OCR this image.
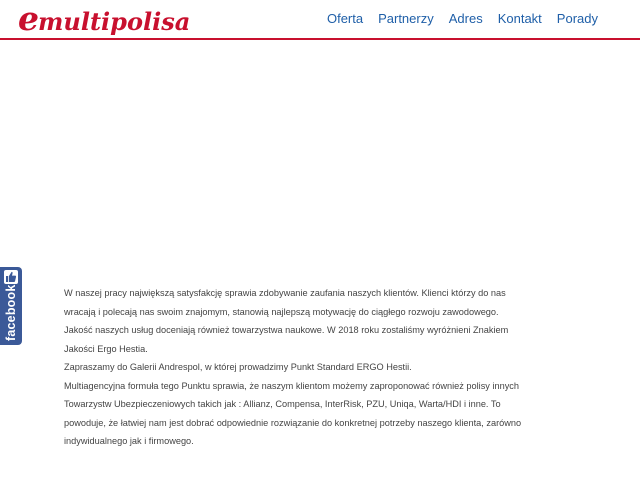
emultipolisa	Oferta Partnerzy Adres Kontakt Porady
facebook	W naszej pracy największą satysfakcję sprawia zdobywanie zaufania naszych klientów. Klienci którzy do nas

wracają i polecają nas swoim znajomym, stanowią najlepszą motywację do ciągłego rozwoju zawodowego.

Jakość naszych usług doceniają również towarzystwa naukowe. W 2018 roku zostaliśmy wyróżnieni Znakiem

Jakości Ergo Hestia.

Zapraszamy do Galerii Andrespol, w której prowadzimy Punkt Standard ERGO Hestii.

Multiagencyjna formuła tego Punktu sprawia, że naszym klientom możemy zaproponować również polisy innych

Towarzystw Ubezpieczeniowych takich jak : Allianz, Compensa, InterRisk, PZU, Uniqa, Warta/HDI i inne. To

powoduje, że łatwiej nam jest dobrać odpowiednie rozwiązanie do konkretnej potrzeby naszego klienta, zarówno

indywidualnego jak i firmowego.
